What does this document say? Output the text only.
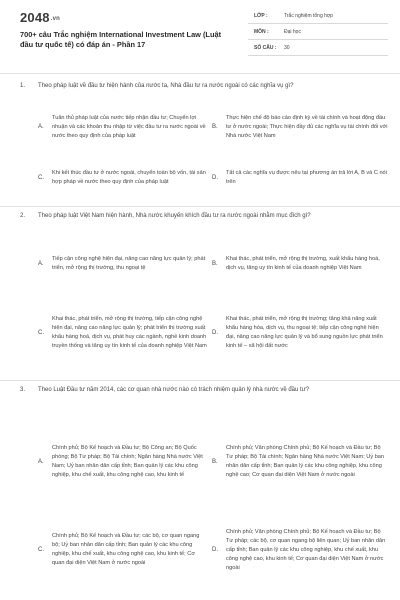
2048.vn
700+ câu Trắc nghiệm International Investment Law (Luật đầu tư quốc tế) có đáp án - Phần 17
LỚP :	Trắc nghiệm tổng hợp
MÔN :	Đại học
SỐ CÂU :	30
1.	Theo pháp luật về đầu tư hiện hành của nước ta, Nhà đầu tư ra nước ngoài có các nghĩa vụ gì?
A.
Tuân thủ pháp luật của nước tiếp nhận đầu tư; Chuyển lợi nhuận và các khoản thu nhập từ việc đầu tư ra nước ngoài về nước theo quy định của pháp luật
B.
Thực hiện chế độ báo cáo định kỳ về tài chính và hoạt động đầu tư ở nước ngoài; Thực hiện đầy đủ các nghĩa vụ tài chính đối với Nhà nước Việt Nam
C.
Khi kết thúc đầu tư ở nước ngoài, chuyển toàn bộ vốn, tài sản hợp pháp về nước theo quy định của pháp luật
D.
Tất cả các nghĩa vụ được nêu tại phương án trả lời A, B và C nói trên
2.	Theo pháp luật Việt Nam hiện hành, Nhà nước khuyến khích đầu tư ra nước ngoài nhằm mục đích gì?
A.
Tiếp cận công nghệ hiện đại, nâng cao năng lực quản lý; phát triển, mở rộng thị trường, thu ngoại tệ
B.
Khai thác, phát triển, mở rộng thị trường, xuất khẩu hàng hoá, dịch vụ, tăng uy tín kinh tế của doanh nghiệp Việt Nam
C.
Khai thác, phát triển, mở rộng thị trường, tiếp cận công nghệ hiện đại, nâng cao năng lực quản lý; phát triển thị trường xuất khẩu hàng hoá, dịch vụ, phát huy các ngành, nghề kinh doanh truyền thống và tăng uy tín kinh tế của doanh nghiệp Việt Nam
D.
Khai thác, phát triển, mở rộng thị trường; tăng khả năng xuất khẩu hàng hóa, dịch vụ, thu ngoại tệ; tiếp cận công nghệ hiện đại, nâng cao năng lực quản lý và bổ sung nguồn lực phát triển kinh tế – xã hội đất nước
3.	Theo Luật Đầu tư năm 2014, các cơ quan nhà nước nào có trách nhiệm quản lý nhà nước về đầu tư?
A.
Chính phủ; Bộ Kế hoạch và Đầu tư; Bộ Công an; Bộ Quốc phòng; Bộ Tư pháp; Bộ Tài chính; Ngân hàng Nhà nước Việt Nam; Uỷ ban nhân dân cấp tỉnh; Ban quản lý các khu công nghiệp, khu chế xuất, khu công nghệ cao, khu kinh tế
B.
Chính phủ; Văn phòng Chính phủ; Bộ Kế hoạch và Đầu tư; Bộ Tư pháp; Bộ Tài chính; Ngân hàng Nhà nước Việt Nam; Uỷ ban nhân dân cấp tỉnh; Ban quản lý các khu công nghiệp, khu công nghệ cao; Cơ quan đại diện Việt Nam ở nước ngoài
C.
Chính phủ; Bộ Kế hoạch và Đầu tư; các bộ, cơ quan ngang bộ; Uỷ ban nhân dân cấp tỉnh; Ban quản lý các khu công nghiệp, khu chế xuất, khu công nghệ cao, khu kinh tế; Cơ quan đại diện Việt Nam ở nước ngoài
D.
Chính phủ; Văn phòng Chính phủ; Bộ Kế hoạch và Đầu tư; Bộ Tư pháp; các bộ, cơ quan ngang bộ liên quan; Uỷ ban nhân dân cấp tỉnh; Ban quản lý các khu công nghiệp, khu chế xuất, khu công nghệ cao, khu kinh tế; Cơ quan đại diện Việt Nam ở nước ngoài
